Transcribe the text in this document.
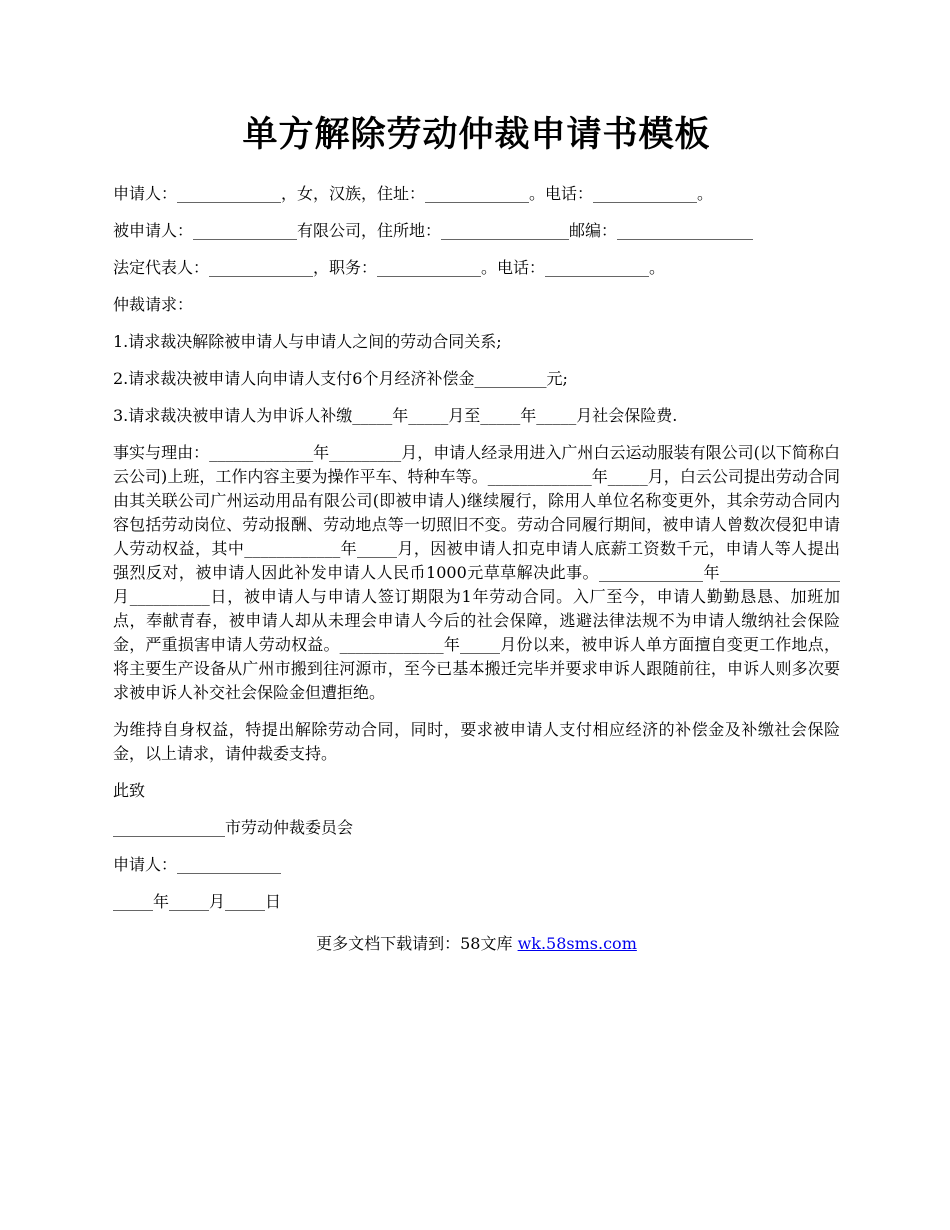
单方解除劳动仲裁申请书模板

申请人：_____________，女，汉族，住址：_____________。电话：_____________。

被申请人：_____________有限公司，住所地：________________邮编：_________________

法定代表人：_____________，职务：_____________。电话：_____________。

仲裁请求：

1.请求裁决解除被申请人与申请人之间的劳动合同关系;

2.请求裁决被申请人向申请人支付6个月经济补偿金_________元;

3.请求裁决被申请人为申诉人补缴_____年_____月至_____年_____月社会保险费.

事实与理由：_____________年_________月，申请人经录用进入广州白云运动服装有限公司(以下简称白云公司)上班，工作内容主要为操作平车、特种车等。_____________年_____月，白云公司提出劳动合同由其关联公司广州运动用品有限公司(即被申请人)继续履行，除用人单位名称变更外，其余劳动合同内容包括劳动岗位、劳动报酬、劳动地点等一切照旧不变。劳动合同履行期间，被申请人曾数次侵犯申请人劳动权益，其中____________年_____月，因被申请人扣克申请人底薪工资数千元，申请人等人提出强烈反对，被申请人因此补发申请人人民币1000元草草解决此事。_____________年_______________月__________日，被申请人与申请人签订期限为1年劳动合同。入厂至今，申请人勤勤恳恳、加班加点，奉献青春，被申请人却从未理会申请人今后的社会保障，逃避法律法规不为申请人缴纳社会保险金，严重损害申请人劳动权益。_____________年_____月份以来，被申诉人单方面擅自变更工作地点，将主要生产设备从广州市搬到往河源市，至今已基本搬迁完毕并要求申诉人跟随前往，申诉人则多次要求被申诉人补交社会保险金但遭拒绝。

为维持自身权益，特提出解除劳动合同，同时，要求被申请人支付相应经济的补偿金及补缴社会保险金，以上请求，请仲裁委支持。

此致

______________市劳动仲裁委员会

申请人：_____________

_____年_____月_____日

更多文档下载请到：58文库 wk.58sms.com
